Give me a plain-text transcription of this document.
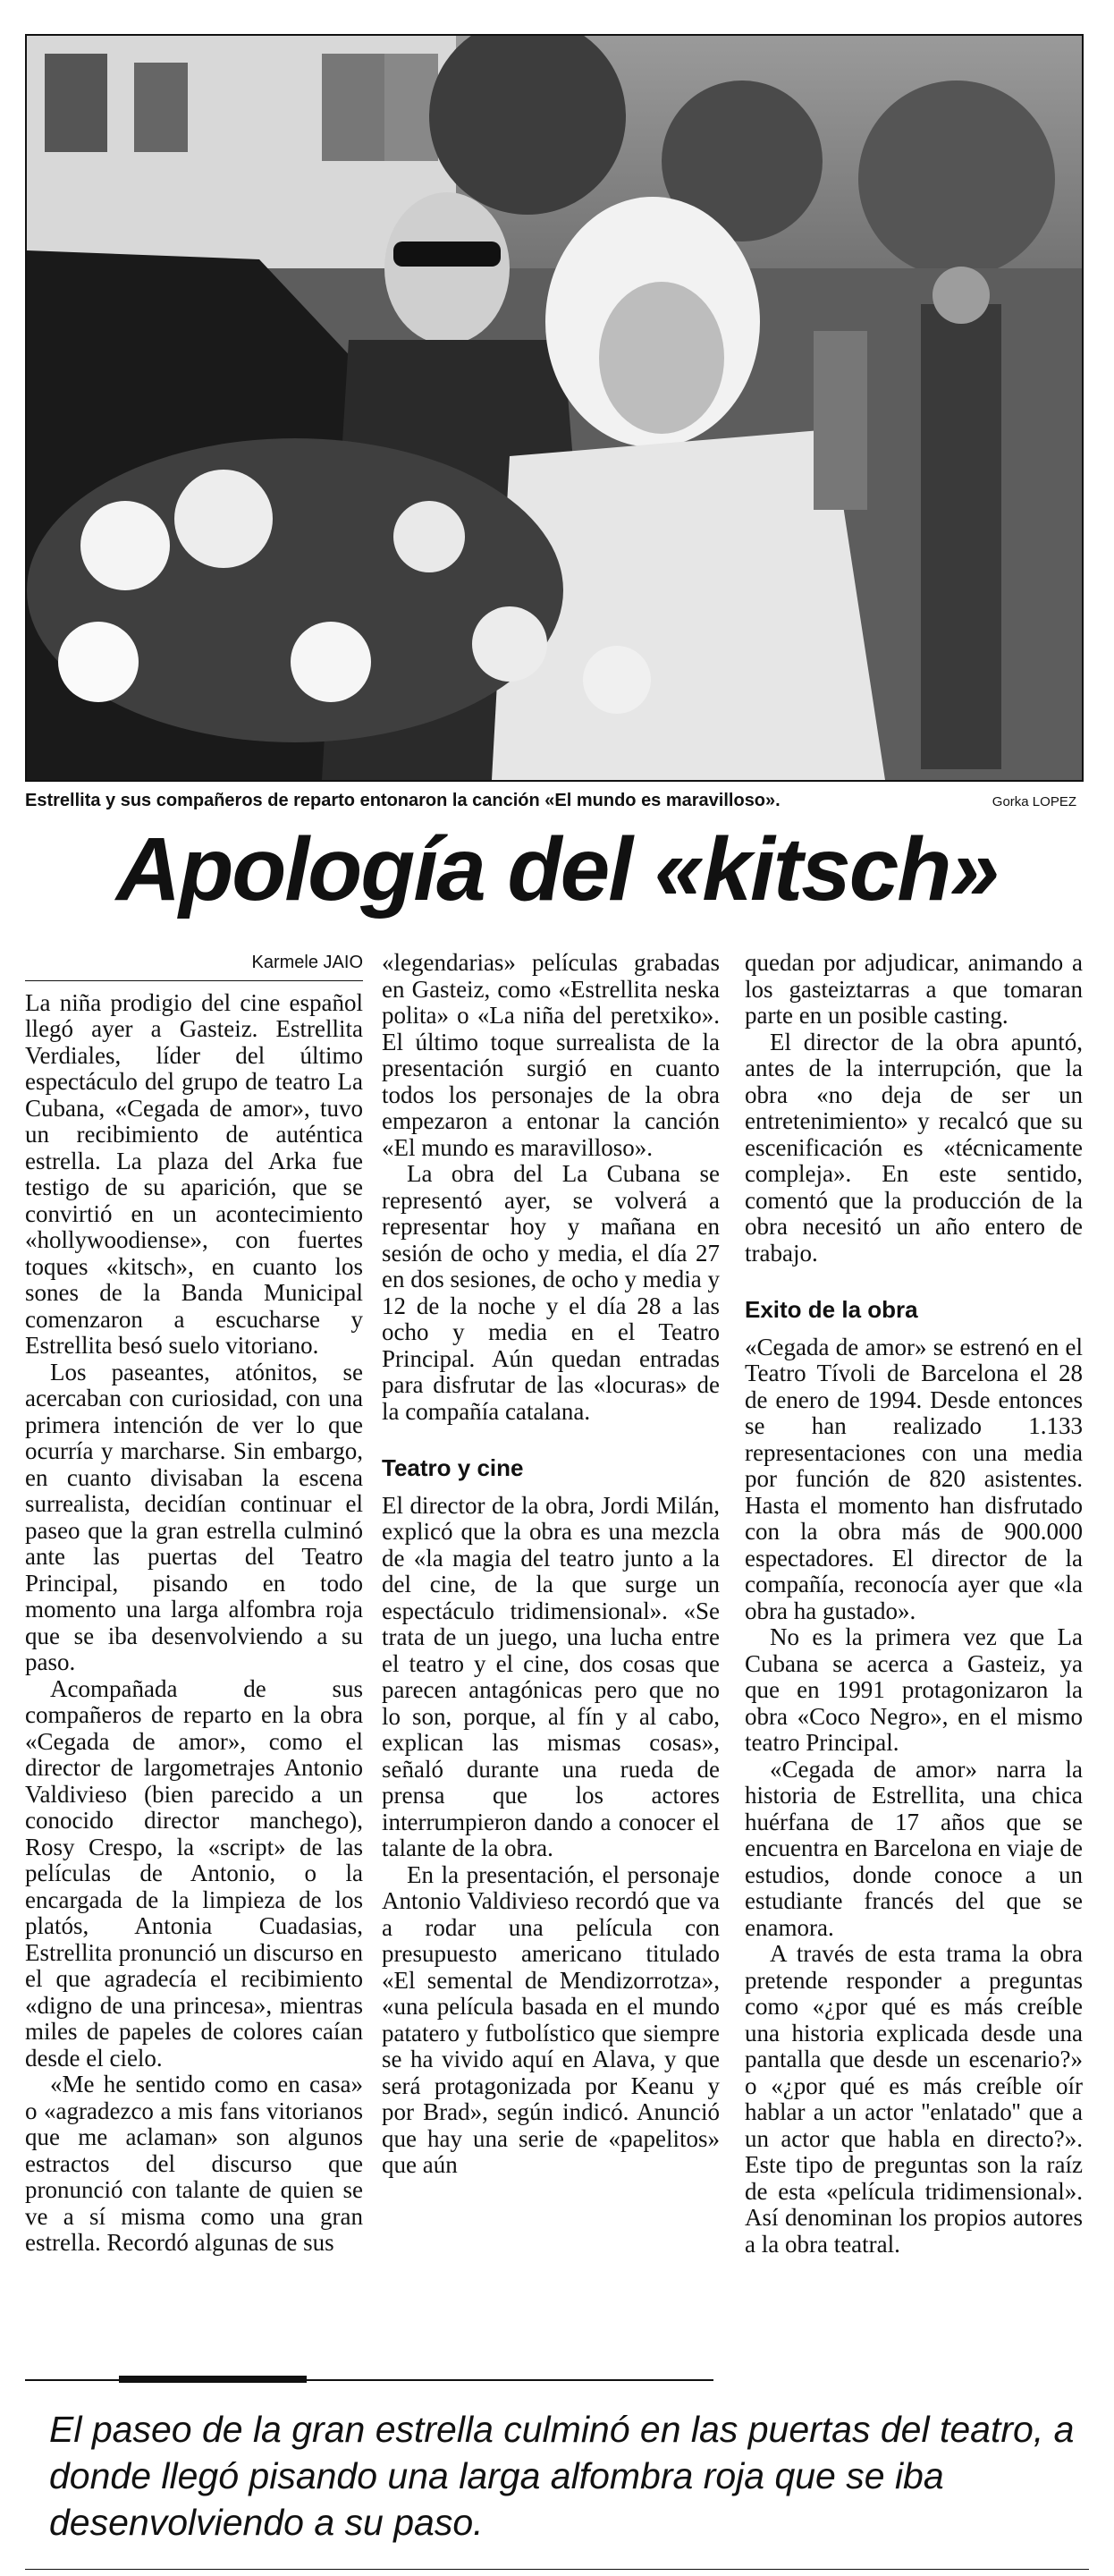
Estrellita y sus compañeros de reparto entonaron la canción «El mundo es maravilloso».	Gorka LOPEZ
Apología del «kitsch»
Karmele JAIO

La niña prodigio del cine español llegó ayer a Gasteiz. Estrellita Verdiales, líder del último espectáculo del grupo de teatro La Cubana, «Cegada de amor», tuvo un recibimiento de auténtica estrella. La plaza del Arka fue testigo de su aparición, que se convirtió en un acontecimiento «hollywoodiense», con fuertes toques «kitsch», en cuanto los sones de la Banda Municipal comenzaron a escucharse y Estrellita besó suelo vitoriano.

Los paseantes, atónitos, se acercaban con curiosidad, con una primera intención de ver lo que ocurría y marcharse. Sin embargo, en cuanto divisaban la escena surrealista, decidían continuar el paseo que la gran estrella culminó ante las puertas del Teatro Principal, pisando en todo momento una larga alfombra roja que se iba desenvolviendo a su paso.

Acompañada de sus compañeros de reparto en la obra «Cegada de amor», como el director de largometrajes Antonio Valdivieso (bien parecido a un conocido director manchego), Rosy Crespo, la «script» de las películas de Antonio, o la encargada de la limpieza de los platós, Antonia Cuadasias, Estrellita pronunció un discurso en el que agradecía el recibimiento «digno de una princesa», mientras miles de papeles de colores caían desde el cielo.

«Me he sentido como en casa» o «agradezco a mis fans vitorianos que me aclaman» son algunos estractos del discurso que pronunció con talante de quien se ve a sí misma como una gran estrella. Recordó algunas de sus

«legendarias» películas grabadas en Gasteiz, como «Estrellita neska polita» o «La niña del peretxiko». El último toque surrealista de la presentación surgió en cuanto todos los personajes de la obra empezaron a entonar la canción «El mundo es maravilloso».

La obra del La Cubana se representó ayer, se volverá a representar hoy y mañana en sesión de ocho y media, el día 27 en dos sesiones, de ocho y media y 12 de la noche y el día 28 a las ocho y media en el Teatro Principal. Aún quedan entradas para disfrutar de las «locuras» de la compañía catalana.

Teatro y cine

El director de la obra, Jordi Milán, explicó que la obra es una mezcla de «la magia del teatro junto a la del cine, de la que surge un espectáculo tridimensional». «Se trata de un juego, una lucha entre el teatro y el cine, dos cosas que parecen antagónicas pero que no lo son, porque, al fín y al cabo, explican las mismas cosas», señaló durante una rueda de prensa que los actores interrumpieron dando a conocer el talante de la obra.

En la presentación, el personaje Antonio Valdivieso recordó que va a rodar una película con presupuesto americano titulado «El semental de Mendizorrotza», «una película basada en el mundo patatero y futbolístico que siempre se ha vivido aquí en Alava, y que será protagonizada por Keanu y por Brad», según indicó. Anunció que hay una serie de «papelitos» que aún

quedan por adjudicar, animando a los gasteiztarras a que tomaran parte en un posible casting.

El director de la obra apuntó, antes de la interrupción, que la obra «no deja de ser un entretenimiento» y recalcó que su escenificación es «técnicamente compleja». En este sentido, comentó que la producción de la obra necesitó un año entero de trabajo.

Exito de la obra

«Cegada de amor» se estrenó en el Teatro Tívoli de Barcelona el 28 de enero de 1994. Desde entonces se han realizado 1.133 representaciones con una media por función de 820 asistentes. Hasta el momento han disfrutado con la obra más de 900.000 espectadores. El director de la compañía, reconocía ayer que «la obra ha gustado».

No es la primera vez que La Cubana se acerca a Gasteiz, ya que en 1991 protagonizaron la obra «Coco Negro», en el mismo teatro Principal.

«Cegada de amor» narra la historia de Estrellita, una chica huérfana de 17 años que se encuentra en Barcelona en viaje de estudios, donde conoce a un estudiante francés del que se enamora.

A través de esta trama la obra pretende responder a preguntas como «¿por qué es más creíble una historia explicada desde una pantalla que desde un escenario?» o «¿por qué es más creíble oír hablar a un actor ''enlatado'' que a un actor que habla en directo?». Este tipo de preguntas son la raíz de esta «película tridimensional». Así denominan los propios autores a la obra teatral.

El paseo de la gran estrella culminó en las puertas del teatro, a donde llegó pisando una larga alfombra roja que se iba desenvolviendo a su paso.
